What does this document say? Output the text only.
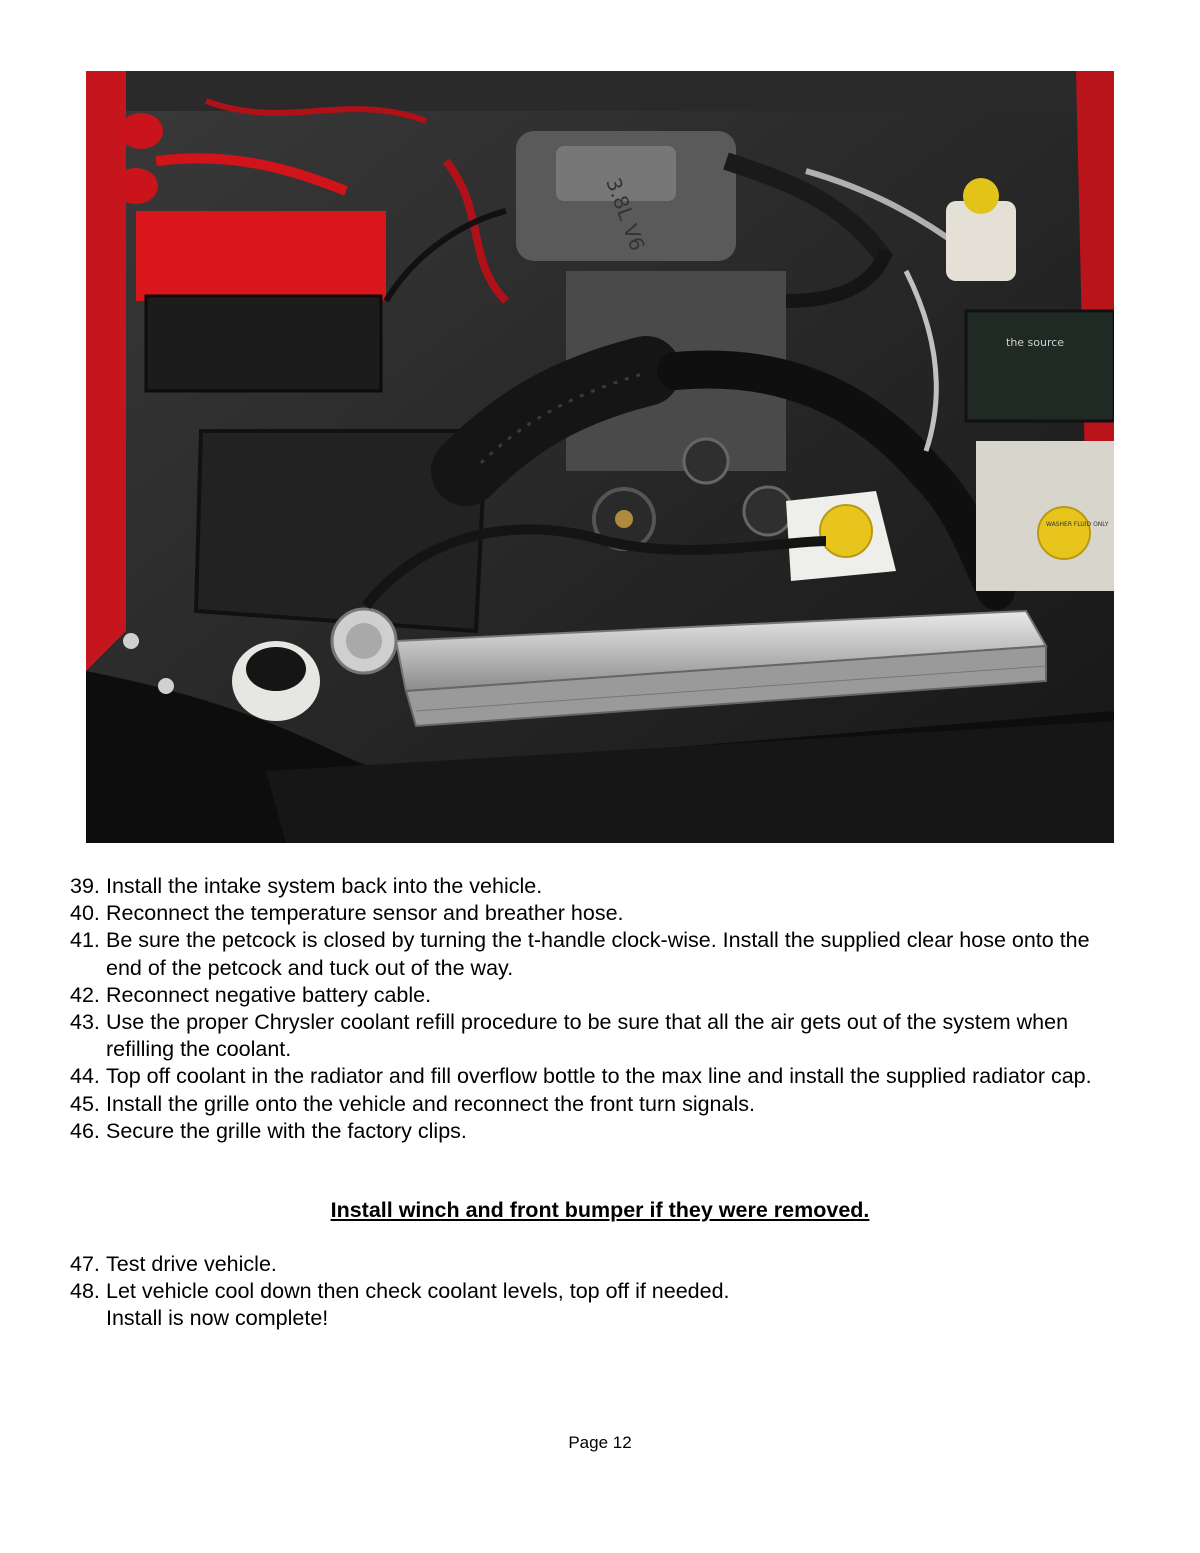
3.8L V6
the source
WASHER FLUID ONLY
39. Install the intake system back into the vehicle.
40. Reconnect the temperature sensor and breather hose.
41. Be sure the petcock is closed by turning the t-handle clock-wise. Install the supplied clear hose onto the end of the petcock and tuck out of the way.
42. Reconnect negative battery cable.
43. Use the proper Chrysler coolant refill procedure to be sure that all the air gets out of the system when refilling the coolant.
44. Top off coolant in the radiator and fill overflow bottle to the max line and install the supplied radiator cap.
45. Install the grille onto the vehicle and reconnect the front turn signals.
46. Secure the grille with the factory clips.
Install winch and front bumper if they were removed.
47. Test drive vehicle.
48. Let vehicle cool down then check coolant levels, top off if needed.
Install is now complete!
Page 12
